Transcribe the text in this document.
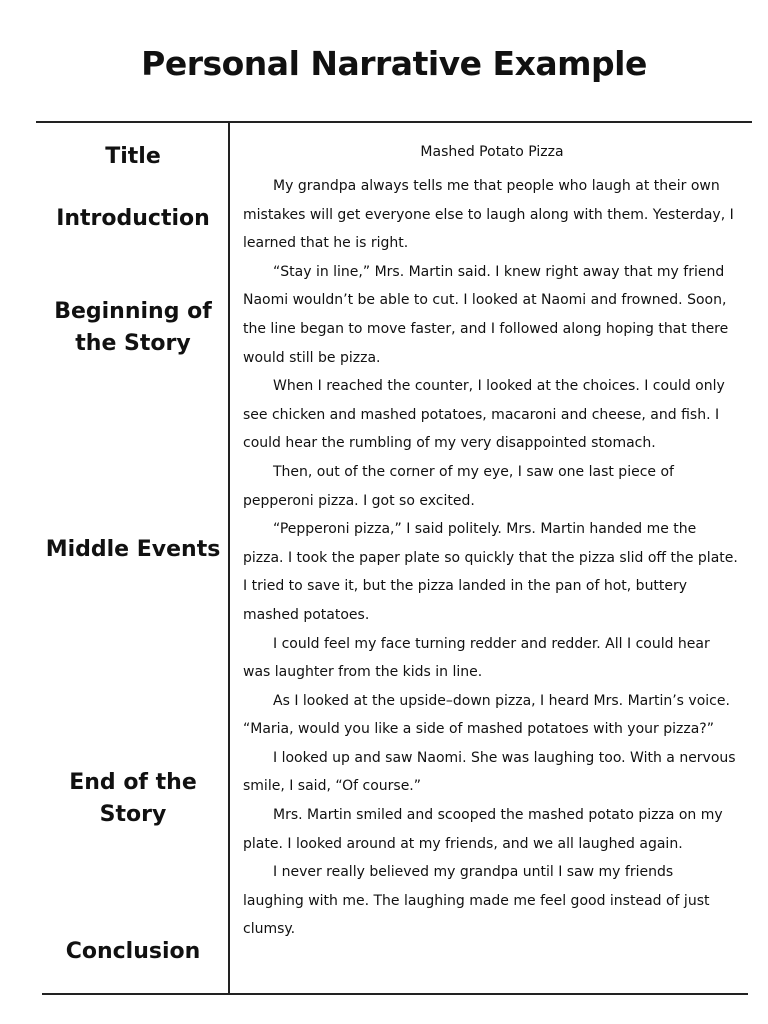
Personal Narrative Example
Title
Introduction
Beginning of
the Story
Middle Events
End of the
Story
Conclusion
Mashed Potato Pizza

My grandpa always tells me that people who laugh at their own mistakes will get everyone else to laugh along with them. Yesterday, I learned that he is right.

“Stay in line,” Mrs. Martin said. I knew right away that my friend Naomi wouldn’t be able to cut. I looked at Naomi and frowned. Soon, the line began to move faster, and I followed along hoping that there would still be pizza.

When I reached the counter, I looked at the choices. I could only see chicken and mashed potatoes, macaroni and cheese, and fish. I could hear the rumbling of my very disappointed stomach.

Then, out of the corner of my eye, I saw one last piece of pepperoni pizza. I got so excited.

“Pepperoni pizza,” I said politely. Mrs. Martin handed me the pizza. I took the paper plate so quickly that the pizza slid off the plate. I tried to save it, but the pizza landed in the pan of hot, buttery mashed potatoes.

I could feel my face turning redder and redder. All I could hear was laughter from the kids in line.

As I looked at the upside–down pizza, I heard Mrs. Martin’s voice. “Maria, would you like a side of mashed potatoes with your pizza?”

I looked up and saw Naomi. She was laughing too. With a nervous smile, I said, “Of course.”

Mrs. Martin smiled and scooped the mashed potato pizza on my plate. I looked around at my friends, and we all laughed again.

I never really believed my grandpa until I saw my friends laughing with me. The laughing made me feel good instead of just clumsy.
